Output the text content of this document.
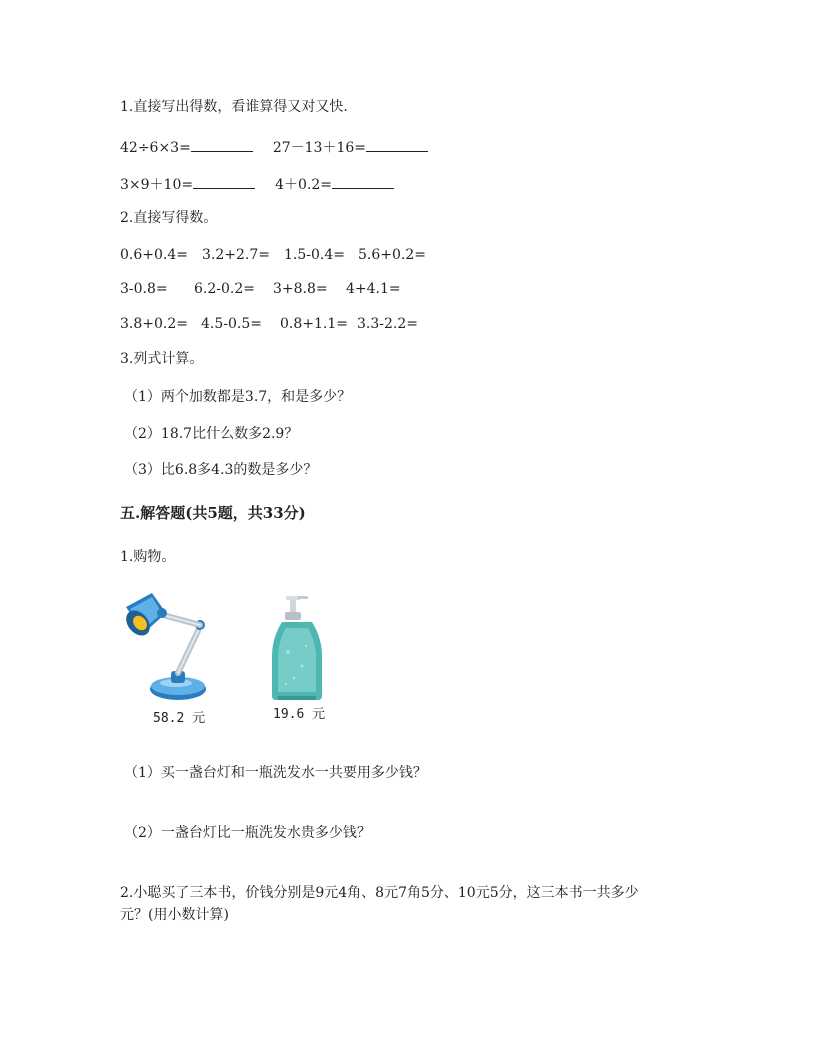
1.直接写出得数，看谁算得又对又快.
42÷6×3=	27－13＋16=
3×9＋10=	4＋0.2=
2.直接写得数。
0.6+0.4= 3.2+2.7= 1.5-0.4= 5.6+0.2=
3-0.8= 6.2-0.2= 3+8.8= 4+4.1=
3.8+0.2= 4.5-0.5= 0.8+1.1= 3.3-2.2=
3.列式计算。
（1）两个加数都是3.7，和是多少？
（2）18.7比什么数多2.9？
（3）比6.8多4.3的数是多少？
五.解答题(共5题，共33分)
1.购物。
58.2 元	19.6 元
（1）买一盏台灯和一瓶洗发水一共要用多少钱？
（2）一盏台灯比一瓶洗发水贵多少钱？
2.小聪买了三本书，价钱分别是9元4角、8元7角5分、10元5分，这三本书一共多少
元？(用小数计算)
